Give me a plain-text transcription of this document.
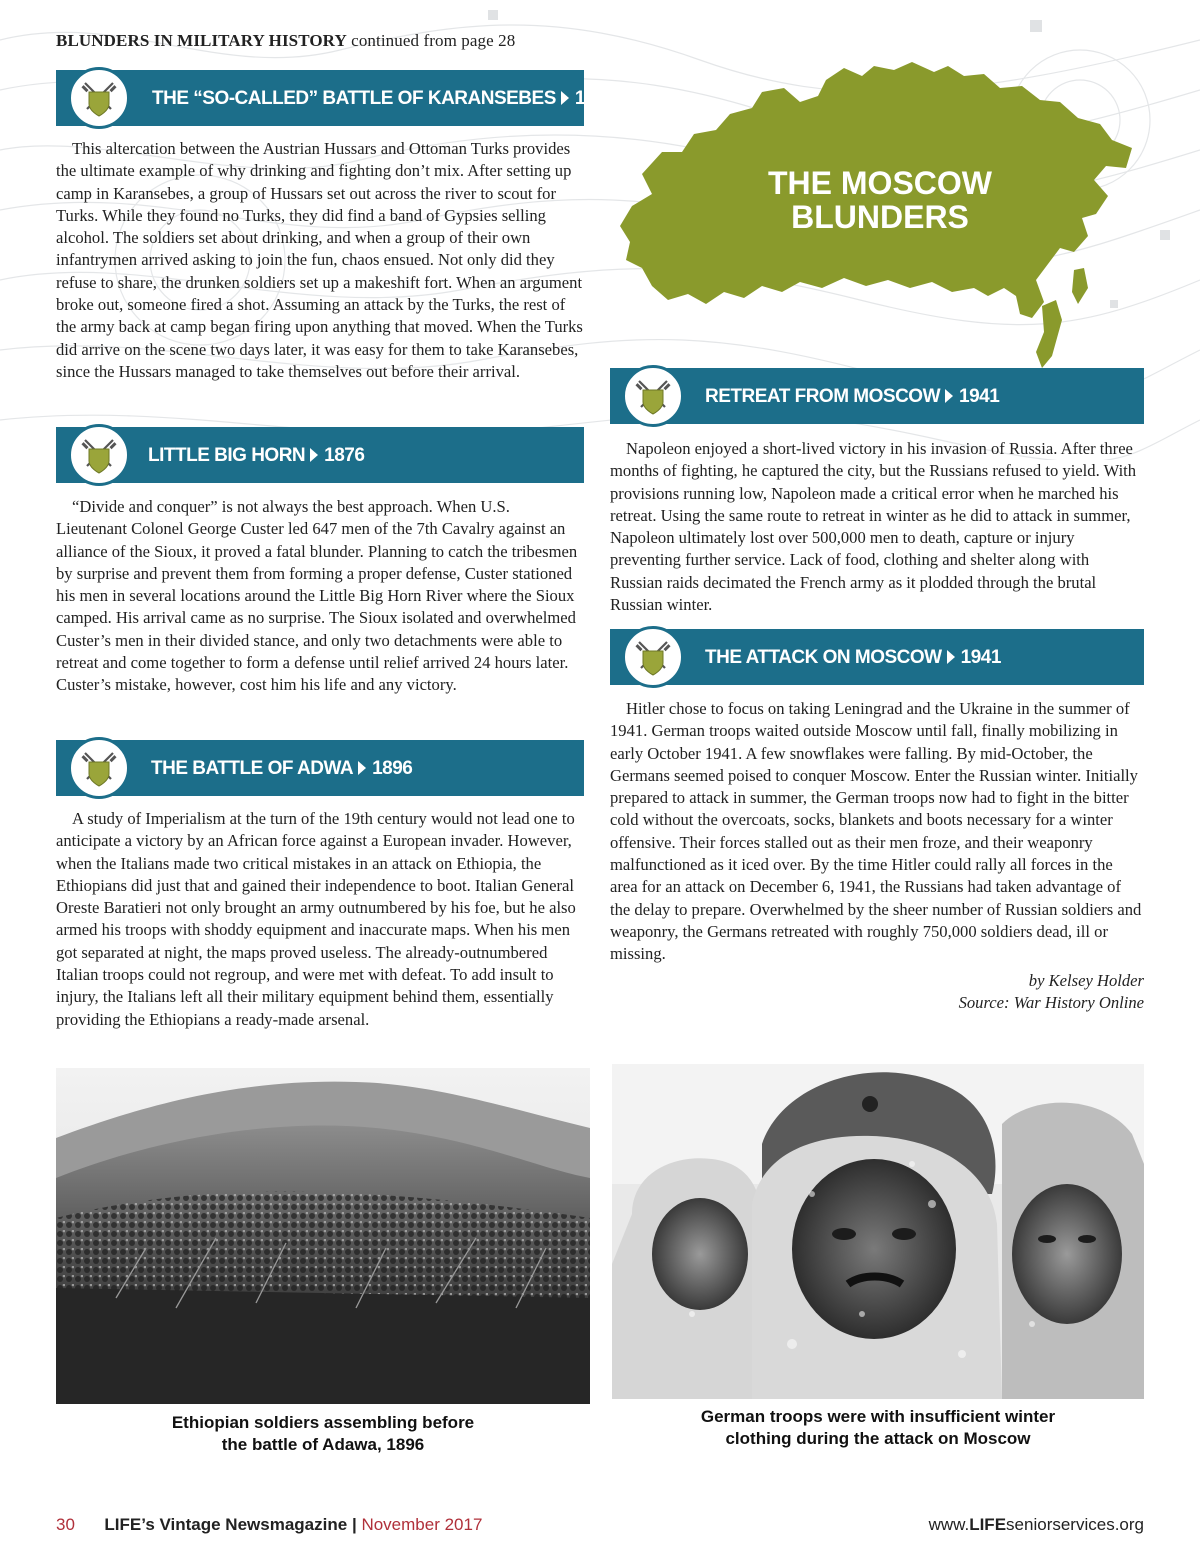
BLUNDERS IN MILITARY HISTORY continued from page 28
THE MOSCOW
BLUNDERS
THE “SO-CALLED” BATTLE OF KARANSEBES 1788

This altercation between the Austrian Hussars and Ottoman Turks provides the ultimate example of why drinking and fighting don’t mix. After setting up camp in Karansebes, a group of Hussars set out across the river to scout for Turks. While they found no Turks, they did find a band of Gypsies selling alcohol. The soldiers set about drinking, and when a group of their own infantrymen arrived asking to join the fun, chaos ensued. Not only did they refuse to share, the drunken soldiers set up a makeshift fort. When an argument broke out, someone fired a shot. Assuming an attack by the Turks, the rest of the army back at camp began firing upon anything that moved. When the Turks did arrive on the scene two days later, it was easy for them to take Karansebes, since the Hussars managed to take themselves out before their arrival.

LITTLE BIG HORN 1876

“Divide and conquer” is not always the best approach. When U.S. Lieutenant Colonel George Custer led 647 men of the 7th Cavalry against an alliance of the Sioux, it proved a fatal blunder. Planning to catch the tribesmen by surprise and prevent them from forming a proper defense, Custer stationed his men in several locations around the Little Big Horn River where the Sioux camped. His arrival came as no surprise. The Sioux isolated and overwhelmed Custer’s men in their divided stance, and only two detachments were able to retreat and come together to form a defense until relief arrived 24 hours later. Custer’s mistake, however, cost him his life and any victory.

THE BATTLE OF ADWA 1896

A study of Imperialism at the turn of the 19th century would not lead one to anticipate a victory by an African force against a European invader. However, when the Italians made two critical mistakes in an attack on Ethiopia, the Ethiopians did just that and gained their independence to boot. Italian General Oreste Baratieri not only brought an army outnumbered by his foe, but he also armed his troops with shoddy equipment and inaccurate maps. When his men got separated at night, the maps proved useless. The already-outnumbered Italian troops could not regroup, and were met with defeat. To add insult to injury, the Italians left all their military equipment behind them, essentially providing the Ethiopians a ready-made arsenal.

RETREAT FROM MOSCOW 1941

Napoleon enjoyed a short-lived victory in his invasion of Russia. After three months of fighting, he captured the city, but the Russians refused to yield. With provisions running low, Napoleon made a critical error when he marched his retreat. Using the same route to retreat in winter as he did to attack in summer, Napoleon ultimately lost over 500,000 men to death, capture or injury preventing further service. Lack of food, clothing and shelter along with Russian raids decimated the French army as it plodded through the brutal Russian winter.

THE ATTACK ON MOSCOW 1941

Hitler chose to focus on taking Leningrad and the Ukraine in the summer of 1941. German troops waited outside Moscow until fall, finally mobilizing in early October 1941. A few snowflakes were falling. By mid-October, the Germans seemed poised to conquer Moscow. Enter the Russian winter. Initially prepared to attack in summer, the German troops now had to fight in the bitter cold without the overcoats, socks, blankets and boots necessary for a winter offensive. Their forces stalled out as their men froze, and their weaponry malfunctioned as it iced over. By the time Hitler could rally all forces in the area for an attack on December 6, 1941, the Russians had taken advantage of the delay to prepare. Overwhelmed by the sheer number of Russian soldiers and weaponry, the Germans retreated with roughly 750,000 soldiers dead, ill or missing.

by Kelsey Holder
Source: War History Online
Ethiopian soldiers assembling before
the battle of Adawa, 1896
German troops were with insufficient winter
clothing during the attack on Moscow
30 LIFE’s Vintage Newsmagazine | November 2017	www.LIFEseniorservices.org
